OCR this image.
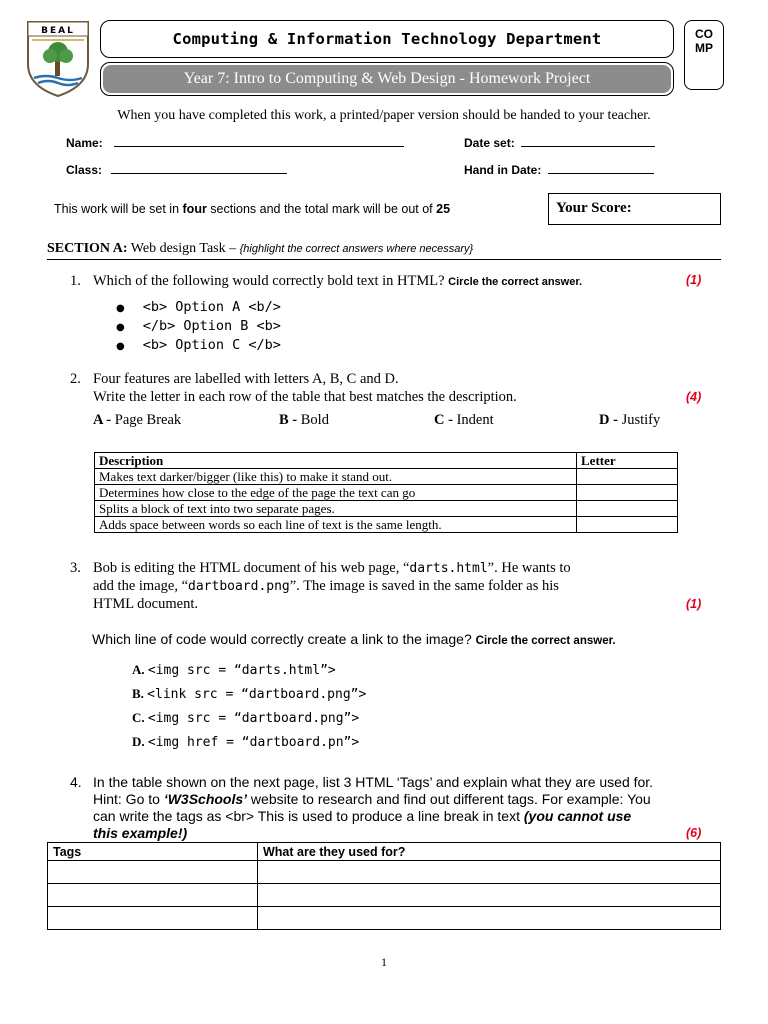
BEAL	Computing & Information Technology Department
Year 7: Intro to Computing & Web Design - Homework Project
CO
MP
When you have completed this work, a printed/paper version should be handed to your teacher.
Name:	Date set:
Class:	Hand in Date:
This work will be set in four sections and the total mark will be out of 25	Your Score:
SECTION A: Web design Task – {highlight the correct answers where necessary}
1. Which of the following would correctly bold text in HTML? Circle the correct answer.	(1)
● <b> Option A <b/>
● </b> Option B <b>
● <b> Option C </b>
2. Four features are labelled with letters A, B, C and D.
Write the letter in each row of the table that best matches the description.	(4)
A - Page Break	B - Bold	C - Indent	D - Justify
Description	Letter
Makes text darker/bigger (like this) to make it stand out.	
Determines how close to the edge of the page the text can go	
Splits a block of text into two separate pages.	
Adds space between words so each line of text is the same length.	
3. Bob is editing the HTML document of his web page, “darts.html”. He wants to
add the image, “dartboard.png”. The image is saved in the same folder as his
HTML document.	(1)
Which line of code would correctly create a link to the image? Circle the correct answer.
A. <img src = “darts.html”>
B. <link src = “dartboard.png”>
C. <img src = “dartboard.png”>
D. <img href = “dartboard.pn”>
4. In the table shown on the next page, list 3 HTML ‘Tags’ and explain what they are used for.
Hint: Go to ‘W3Schools’ website to research and find out different tags. For example: You
can write the tags as <br> This is used to produce a line break in text (you cannot use
this example!)	(6)
Tags	What are they used for?

1
